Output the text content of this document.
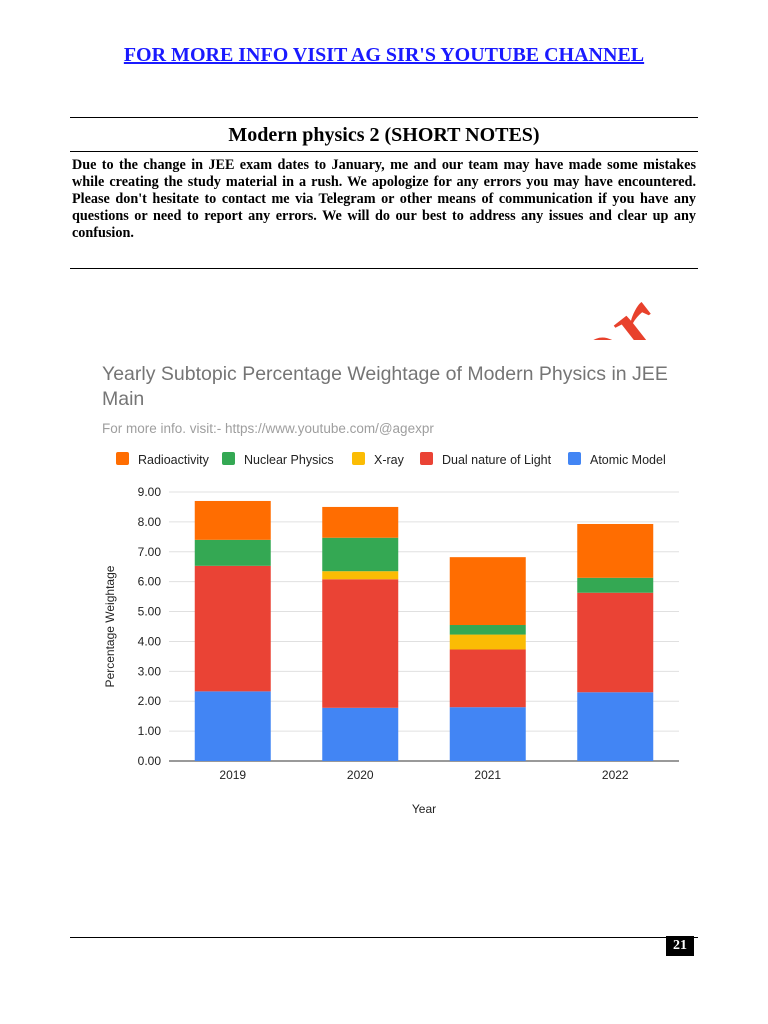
FOR MORE INFO VISIT AG SIR'S YOUTUBE CHANNEL
Modern physics 2 (SHORT NOTES)
Due to the change in JEE exam dates to January, me and our team may have made some mistakes while creating the study material in a rush. We apologize for any errors you may have encountered. Please don't hesitate to contact me via Telegram or other means of communication if you have any questions or need to report any errors. We will do our best to address any issues and clear up any confusion.
Yearly Subtopic Percentage Weightage of Modern Physics in JEE
Main
For more info. visit:- https://www.youtube.com/@agexpr
Radioactivity	Nuclear Physics	X-ray	Dual nature of Light	Atomic Model
0.00
1.00
2.00
3.00
4.00
5.00
6.00
7.00
8.00
9.00
2019	2020	2021	2022
Percentage Weightage
Year
21
